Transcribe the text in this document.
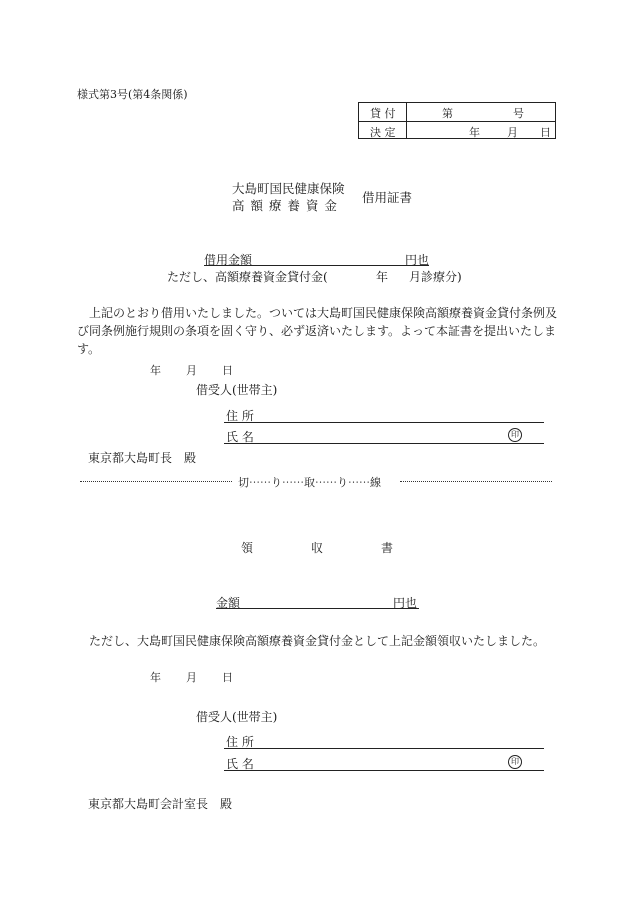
様式第3号(第4条関係)
貸 付	第	号
決 定	年 月 日
大島町国民健康保険
高 額 療 養 資 金
借用証書
借用金額	円也
ただし、高額療養資金貸付金(	年 月診療分)
上記のとおり借用いたしました。ついては大島町国民健康保険高額療養資金貸付条例及
び同条例施行規則の条項を固く守り、必ず返済いたします。よって本証書を提出いたしま
す。
年 月 日
借受人(世帯主)
住 所
氏 名	印
東京都大島町長　殿
切⋯⋯り⋯⋯取⋯⋯り⋯⋯線
領	収	書
金額	円也
ただし、大島町国民健康保険高額療養資金貸付金として上記金額領収いたしました。
年 月 日
借受人(世帯主)
住 所
氏 名	印
東京都大島町会計室長　殿
